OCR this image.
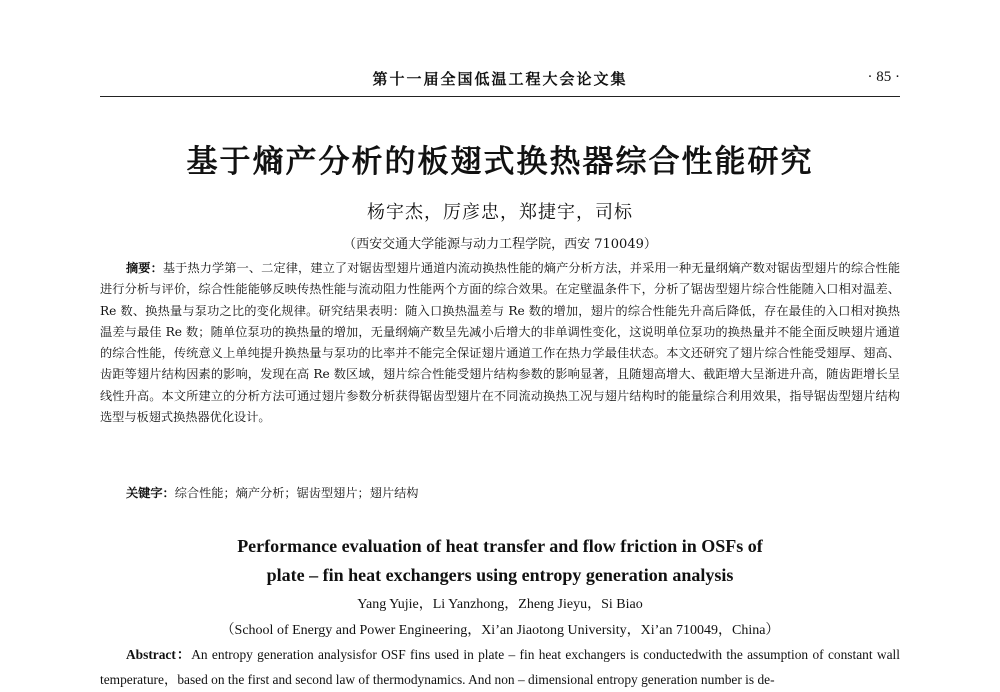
第十一届全国低温工程大会论文集	· 85 ·
基于熵产分析的板翅式换热器综合性能研究
杨宇杰，厉彦忠，郑捷宇，司标
（西安交通大学能源与动力工程学院，西安 710049）
摘要：基于热力学第一、二定律，建立了对锯齿型翅片通道内流动换热性能的熵产分析方法，并采用一种无量纲熵产数对锯齿型翅片的综合性能进行分析与评价，综合性能能够反映传热性能与流动阻力性能两个方面的综合效果。在定壁温条件下，分析了锯齿型翅片综合性能随入口相对温差、Re 数、换热量与泵功之比的变化规律。研究结果表明：随入口换热温差与 Re 数的增加，翅片的综合性能先升高后降低，存在最佳的入口相对换热温差与最佳 Re 数；随单位泵功的换热量的增加，无量纲熵产数呈先减小后增大的非单调性变化，这说明单位泵功的换热量并不能全面反映翅片通道的综合性能，传统意义上单纯提升换热量与泵功的比率并不能完全保证翅片通道工作在热力学最佳状态。本文还研究了翅片综合性能受翅厚、翅高、齿距等翅片结构因素的影响，发现在高 Re 数区域，翅片综合性能受翅片结构参数的影响显著，且随翅高增大、截距增大呈渐进升高，随齿距增长呈线性升高。本文所建立的分析方法可通过翅片参数分析获得锯齿型翅片在不同流动换热工况与翅片结构时的能量综合利用效果，指导锯齿型翅片结构选型与板翅式换热器优化设计。
关键字：综合性能；熵产分析；锯齿型翅片；翅片结构
Performance evaluation of heat transfer and flow friction in OSFs of
plate – fin heat exchangers using entropy generation analysis
Yang Yujie，Li Yanzhong，Zheng Jieyu，Si Biao
（School of Energy and Power Engineering，Xi’an Jiaotong University，Xi’an 710049，China）
Abstract：An entropy generation analysisfor OSF fins used in plate – fin heat exchangers is conductedwith the assumption of constant wall temperature，based on the first and second law of thermodynamics. And non – dimensional entropy generation number is de-
